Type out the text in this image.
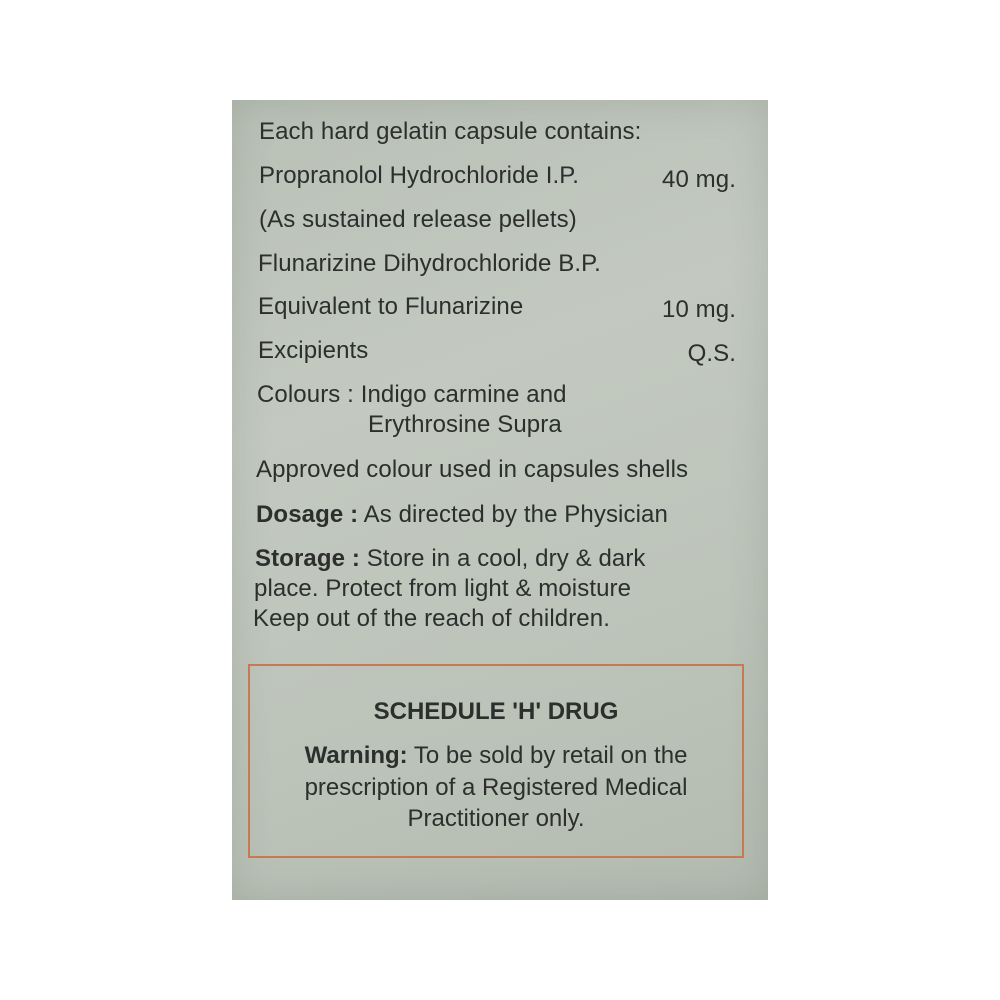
Each hard gelatin capsule contains:
Propranolol Hydrochloride I.P.	40 mg.
(As sustained release pellets)
Flunarizine Dihydrochloride B.P.
Equivalent to Flunarizine	10 mg.
Excipients	Q.S.
Colours : Indigo carmine and
Erythrosine Supra
Approved colour used in capsules shells
Dosage : As directed by the Physician
Storage : Store in a cool, dry & dark
place. Protect from light & moisture
Keep out of the reach of children.
SCHEDULE 'H' DRUG
Warning: To be sold by retail on the
prescription of a Registered Medical
Practitioner only.
